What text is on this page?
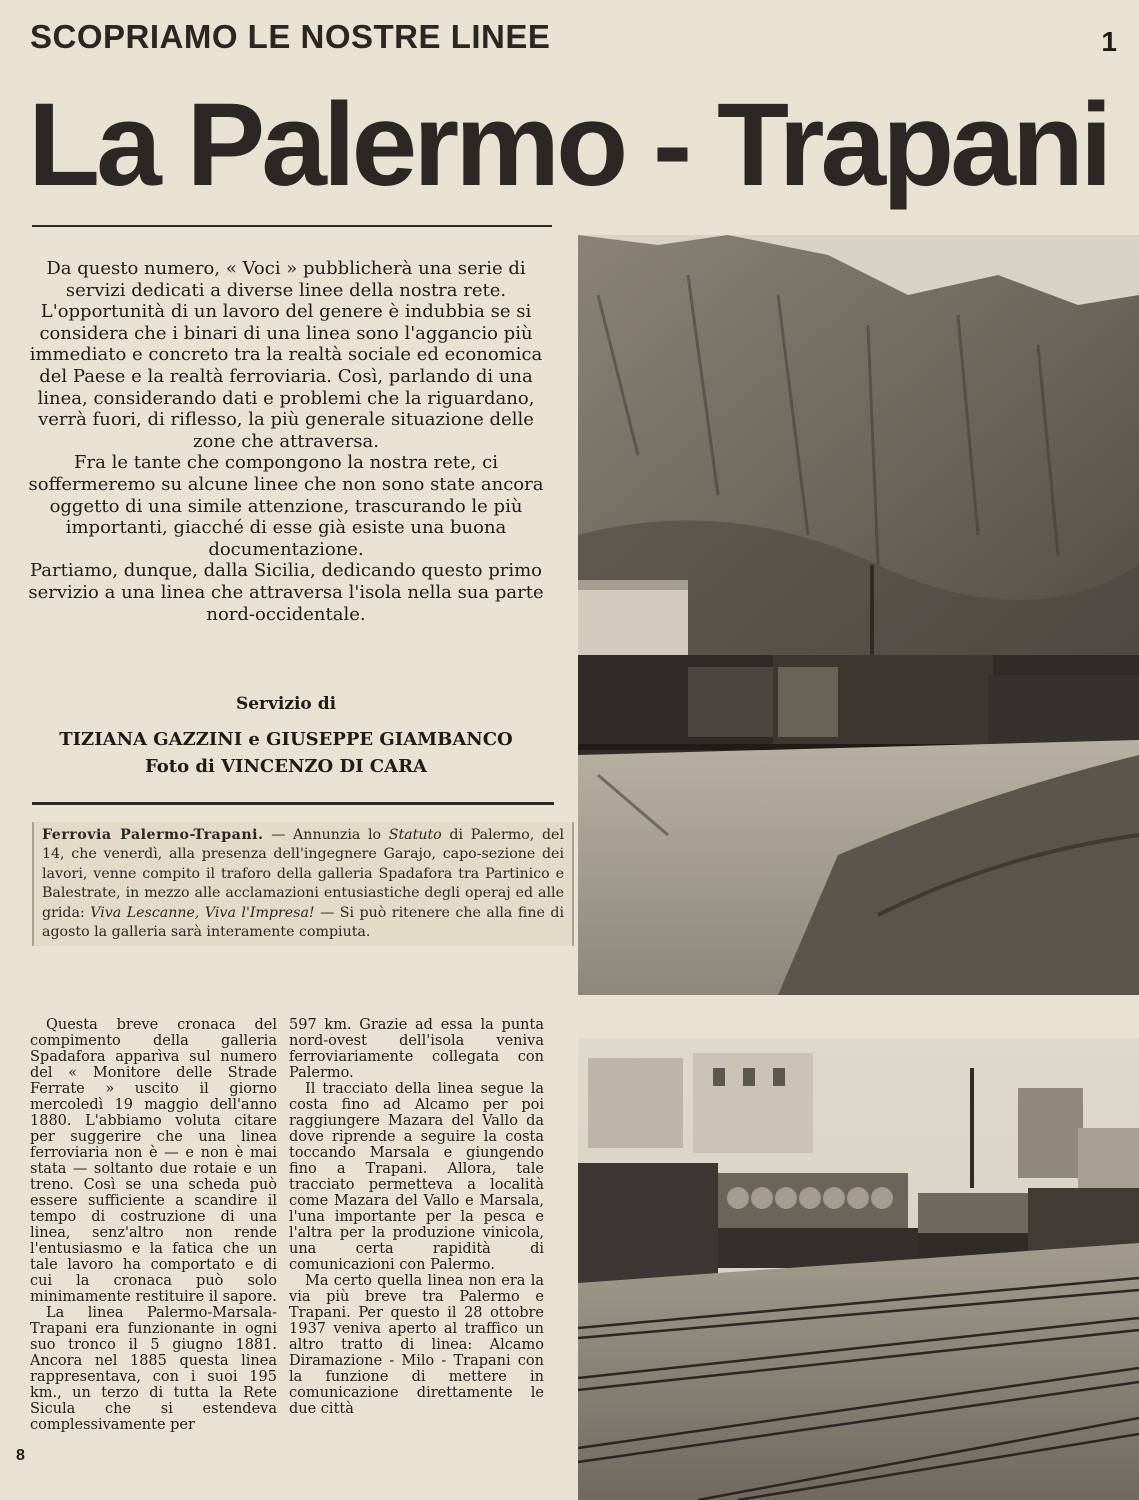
SCOPRIAMO LE NOSTRE LINEE	1
La Palermo - Trapani

Da questo numero, « Voci » pubblicherà una serie di servizi dedicati a diverse linee della nostra rete. L'opportunità di un lavoro del genere è indubbia se si considera che i binari di una linea sono l'aggancio più immediato e concreto tra la realtà sociale ed economica del Paese e la realtà ferroviaria. Così, parlando di una linea, considerando dati e problemi che la riguardano, verrà fuori, di riflesso, la più generale situazione delle zone che attraversa.

Fra le tante che compongono la nostra rete, ci soffermeremo su alcune linee che non sono state ancora oggetto di una simile attenzione, trascurando le più importanti, giacché di esse già esiste una buona documentazione.

Partiamo, dunque, dalla Sicilia, dedicando questo primo servizio a una linea che attraversa l'isola nella sua parte nord-occidentale.

Servizio di
TIZIANA GAZZINI e GIUSEPPE GIAMBANCO
Foto di VINCENZO DI CARA
Ferrovia Palermo-Trapani. — Annunzia lo Statuto di Palermo, del 14, che venerdì, alla presenza dell'ingegnere Garajo, capo-sezione dei lavori, venne compito il traforo della galleria Spadafora tra Partinico e Balestrate, in mezzo alle acclamazioni entusiastiche degli operaj ed alle grida: Viva Lescanne, Viva l'Impresa! — Si può ritenere che alla fine di agosto la galleria sarà interamente compiuta.

Questa breve cronaca del compimento della galleria Spadafora apparìva sul numero del « Monitore delle Strade Ferrate » uscito il giorno mercoledì 19 maggio dell'anno 1880. L'abbiamo voluta citare per suggerire che una linea ferroviaria non è — e non è mai stata — soltanto due rotaie e un treno. Così se una scheda può essere sufficiente a scandire il tempo di costruzione di una linea, senz'altro non rende l'entusiasmo e la fatica che un tale lavoro ha comportato e di cui la cronaca può solo minimamente restituire il sapore.

La linea Palermo-Marsala-Trapani era funzionante in ogni suo tronco il 5 giugno 1881. Ancora nel 1885 questa linea rappresentava, con i suoi 195 km., un terzo di tutta la Rete Sicula che si estendeva complessivamente per

597 km. Grazie ad essa la punta nord-ovest dell'isola veniva ferroviariamente collegata con Palermo.

Il tracciato della linea segue la costa fino ad Alcamo per poi raggiungere Mazara del Vallo da dove riprende a seguire la costa toccando Marsala e giungendo fino a Trapani. Allora, tale tracciato permetteva a località come Mazara del Vallo e Marsala, l'una importante per la pesca e l'altra per la produzione vinicola, una certa rapidità di comunicazioni con Palermo.

Ma certo quella linea non era la via più breve tra Palermo e Trapani. Per questo il 28 ottobre 1937 veniva aperto al traffico un altro tratto di linea: Alcamo Diramazione - Milo - Trapani con la funzione di mettere in comunicazione direttamente le due città

8
